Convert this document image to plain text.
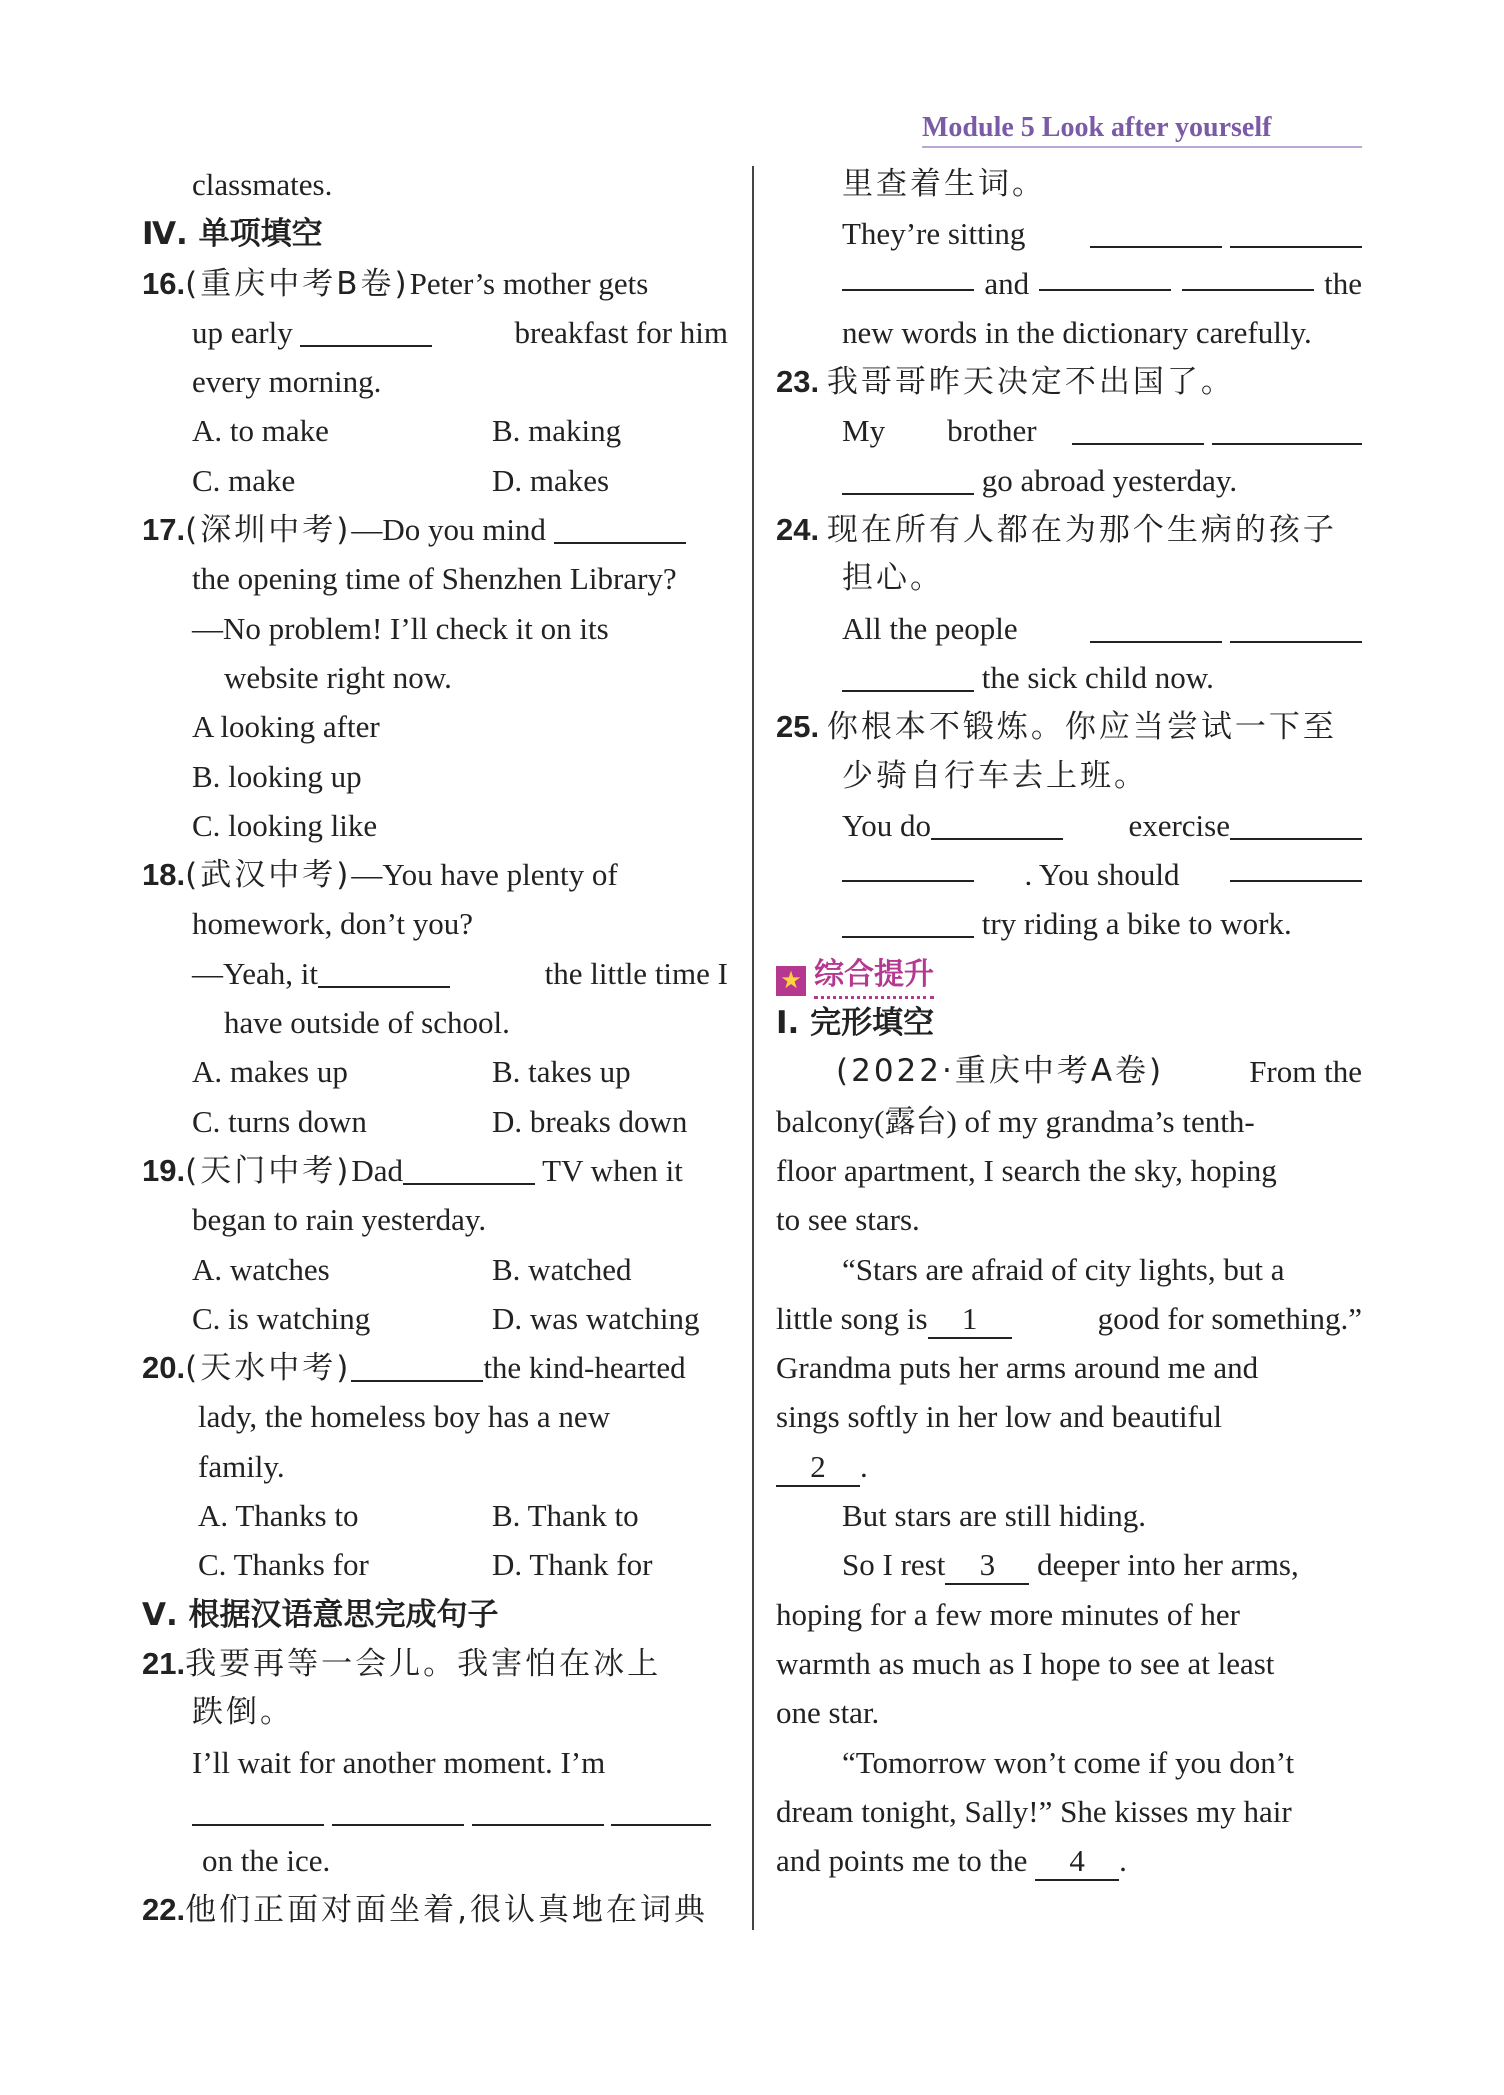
Module 5 Look after yourself
classmates.
Ⅳ. 单项填空
16.(重庆中考B卷)Peter’s mother gets
up early	breakfast for him
every morning.
A. to make	B. making
C. make	D. makes
17.(深圳中考)—Do you mind
the opening time of Shenzhen Library?
—No problem! I’ll check it on its
website right now.
A looking after
B. looking up
C. looking like
18.(武汉中考)—You have plenty of
homework, don’t you?
—Yeah, it	the little time I
have outside of school.
A. makes up	B. takes up
C. turns down	D. breaks down
19.(天门中考)Dad	TV when it
began to rain yesterday.
A. watches	B. watched
C. is watching	D. was watching
20.(天水中考)	the kind-hearted
lady, the homeless boy has a new
family.
A. Thanks to	B. Thank to
C. Thanks for	D. Thank for
Ⅴ. 根据汉语意思完成句子
21.我要再等一会儿。我害怕在冰上
跌倒。
I’ll wait for another moment. I’m

on the ice.
22.他们正面对面坐着,很认真地在词典
里查着生词。
They’re sitting

and	the
new words in the dictionary carefully.
23. 我哥哥昨天决定不出国了。
My        brother

go abroad yesterday.
24. 现在所有人都在为那个生病的孩子
担心。
All the people

the sick child now.
25. 你根本不锻炼。你应当尝试一下至
少骑自行车去上班。
You do	exercise
. You should
try riding a bike to work.
★ 综合提升
Ⅰ. 完形填空
(2022·重庆中考A卷)	From the
balcony(露台) of my grandma’s tenth-
floor apartment, I search the sky, hoping
to see stars.
“Stars are afraid of city lights, but a
little song is 1	good for something.”
Grandma puts her arms around me and
sings softly in her low and beautiful
2 .
But stars are still hiding.
So I rest 3 deeper into her arms,
hoping for a few more minutes of her
warmth as much as I hope to see at least
one star.
“Tomorrow won’t come if you don’t
dream tonight, Sally!” She kisses my hair
and points me to the 4 .
